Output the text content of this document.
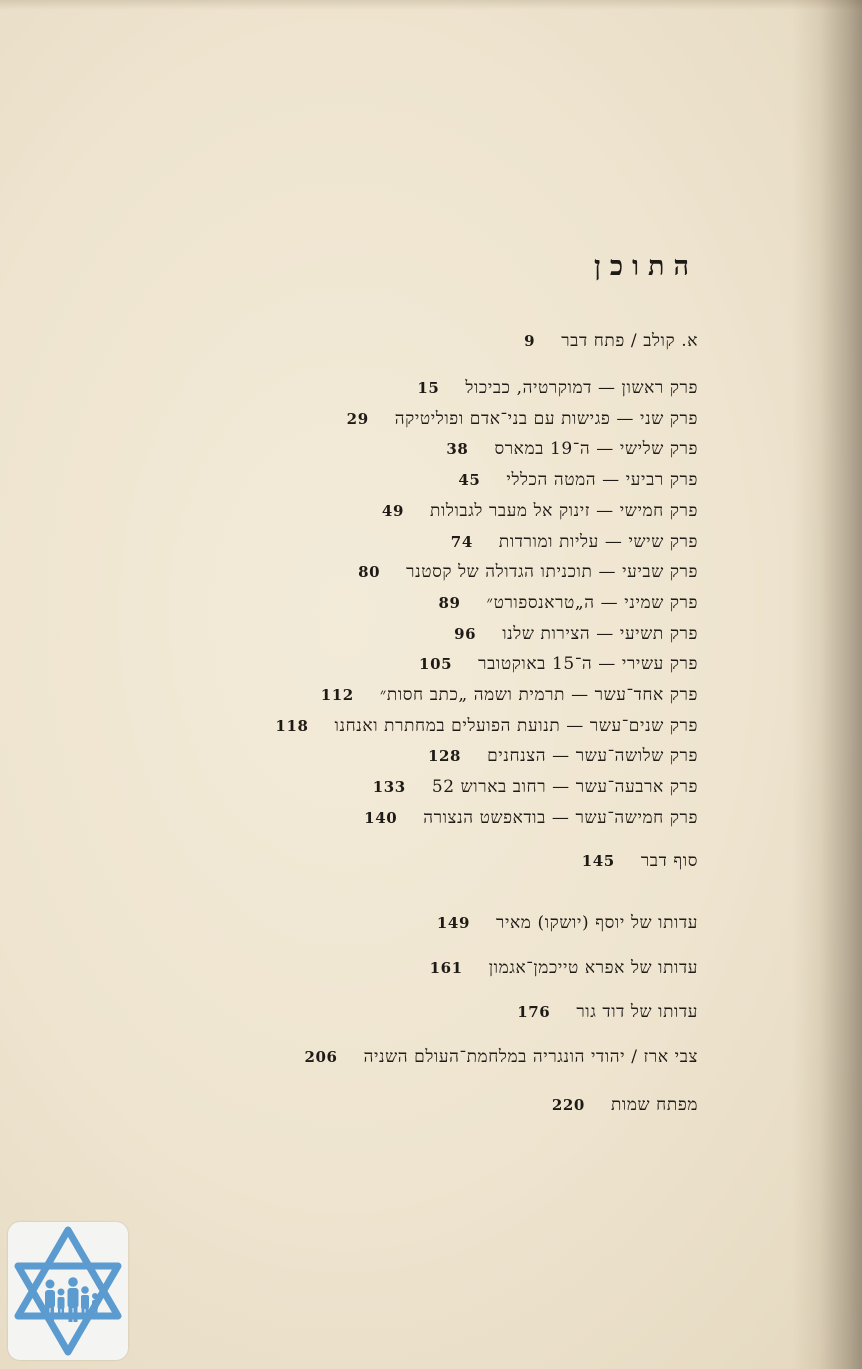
התוכן
א. קולב / פתח דבר9
פרק ראשון — דמוקרטיה, כביכול15
פרק שני — פגישות עם בני־אדם ופוליטיקה29
פרק שלישי — ה־19 במארס38
פרק רביעי — המטה הכללי45
פרק חמישי — זינוק אל מעבר לגבולות49
פרק שישי — עליות ומורדות74
פרק שביעי — תוכניתו הגדולה של קסטנר80
פרק שמיני — ה„טראנספורט״89
פרק תשיעי — הצירות שלנו96
פרק עשירי — ה־15 באוקטובר105
פרק אחד־עשר — תרמית ושמה „כתב חסות״112
פרק שנים־עשר — תנועת הפועלים במחתרת ואנחנו118
פרק שלושה־עשר — הצנחנים128
פרק ארבעה־עשר — רחוב בארוש 52133
פרק חמישה־עשר — בודאפשט הנצורה140
סוף דבר145
עדותו של יוסף (יושקו) מאיר149
עדותו של אפרא טייכמן־אגמון161
עדותו של דוד גור176
צבי ארז / יהודי הונגריה במלחמת־העולם השניה206
מפתח שמות220
